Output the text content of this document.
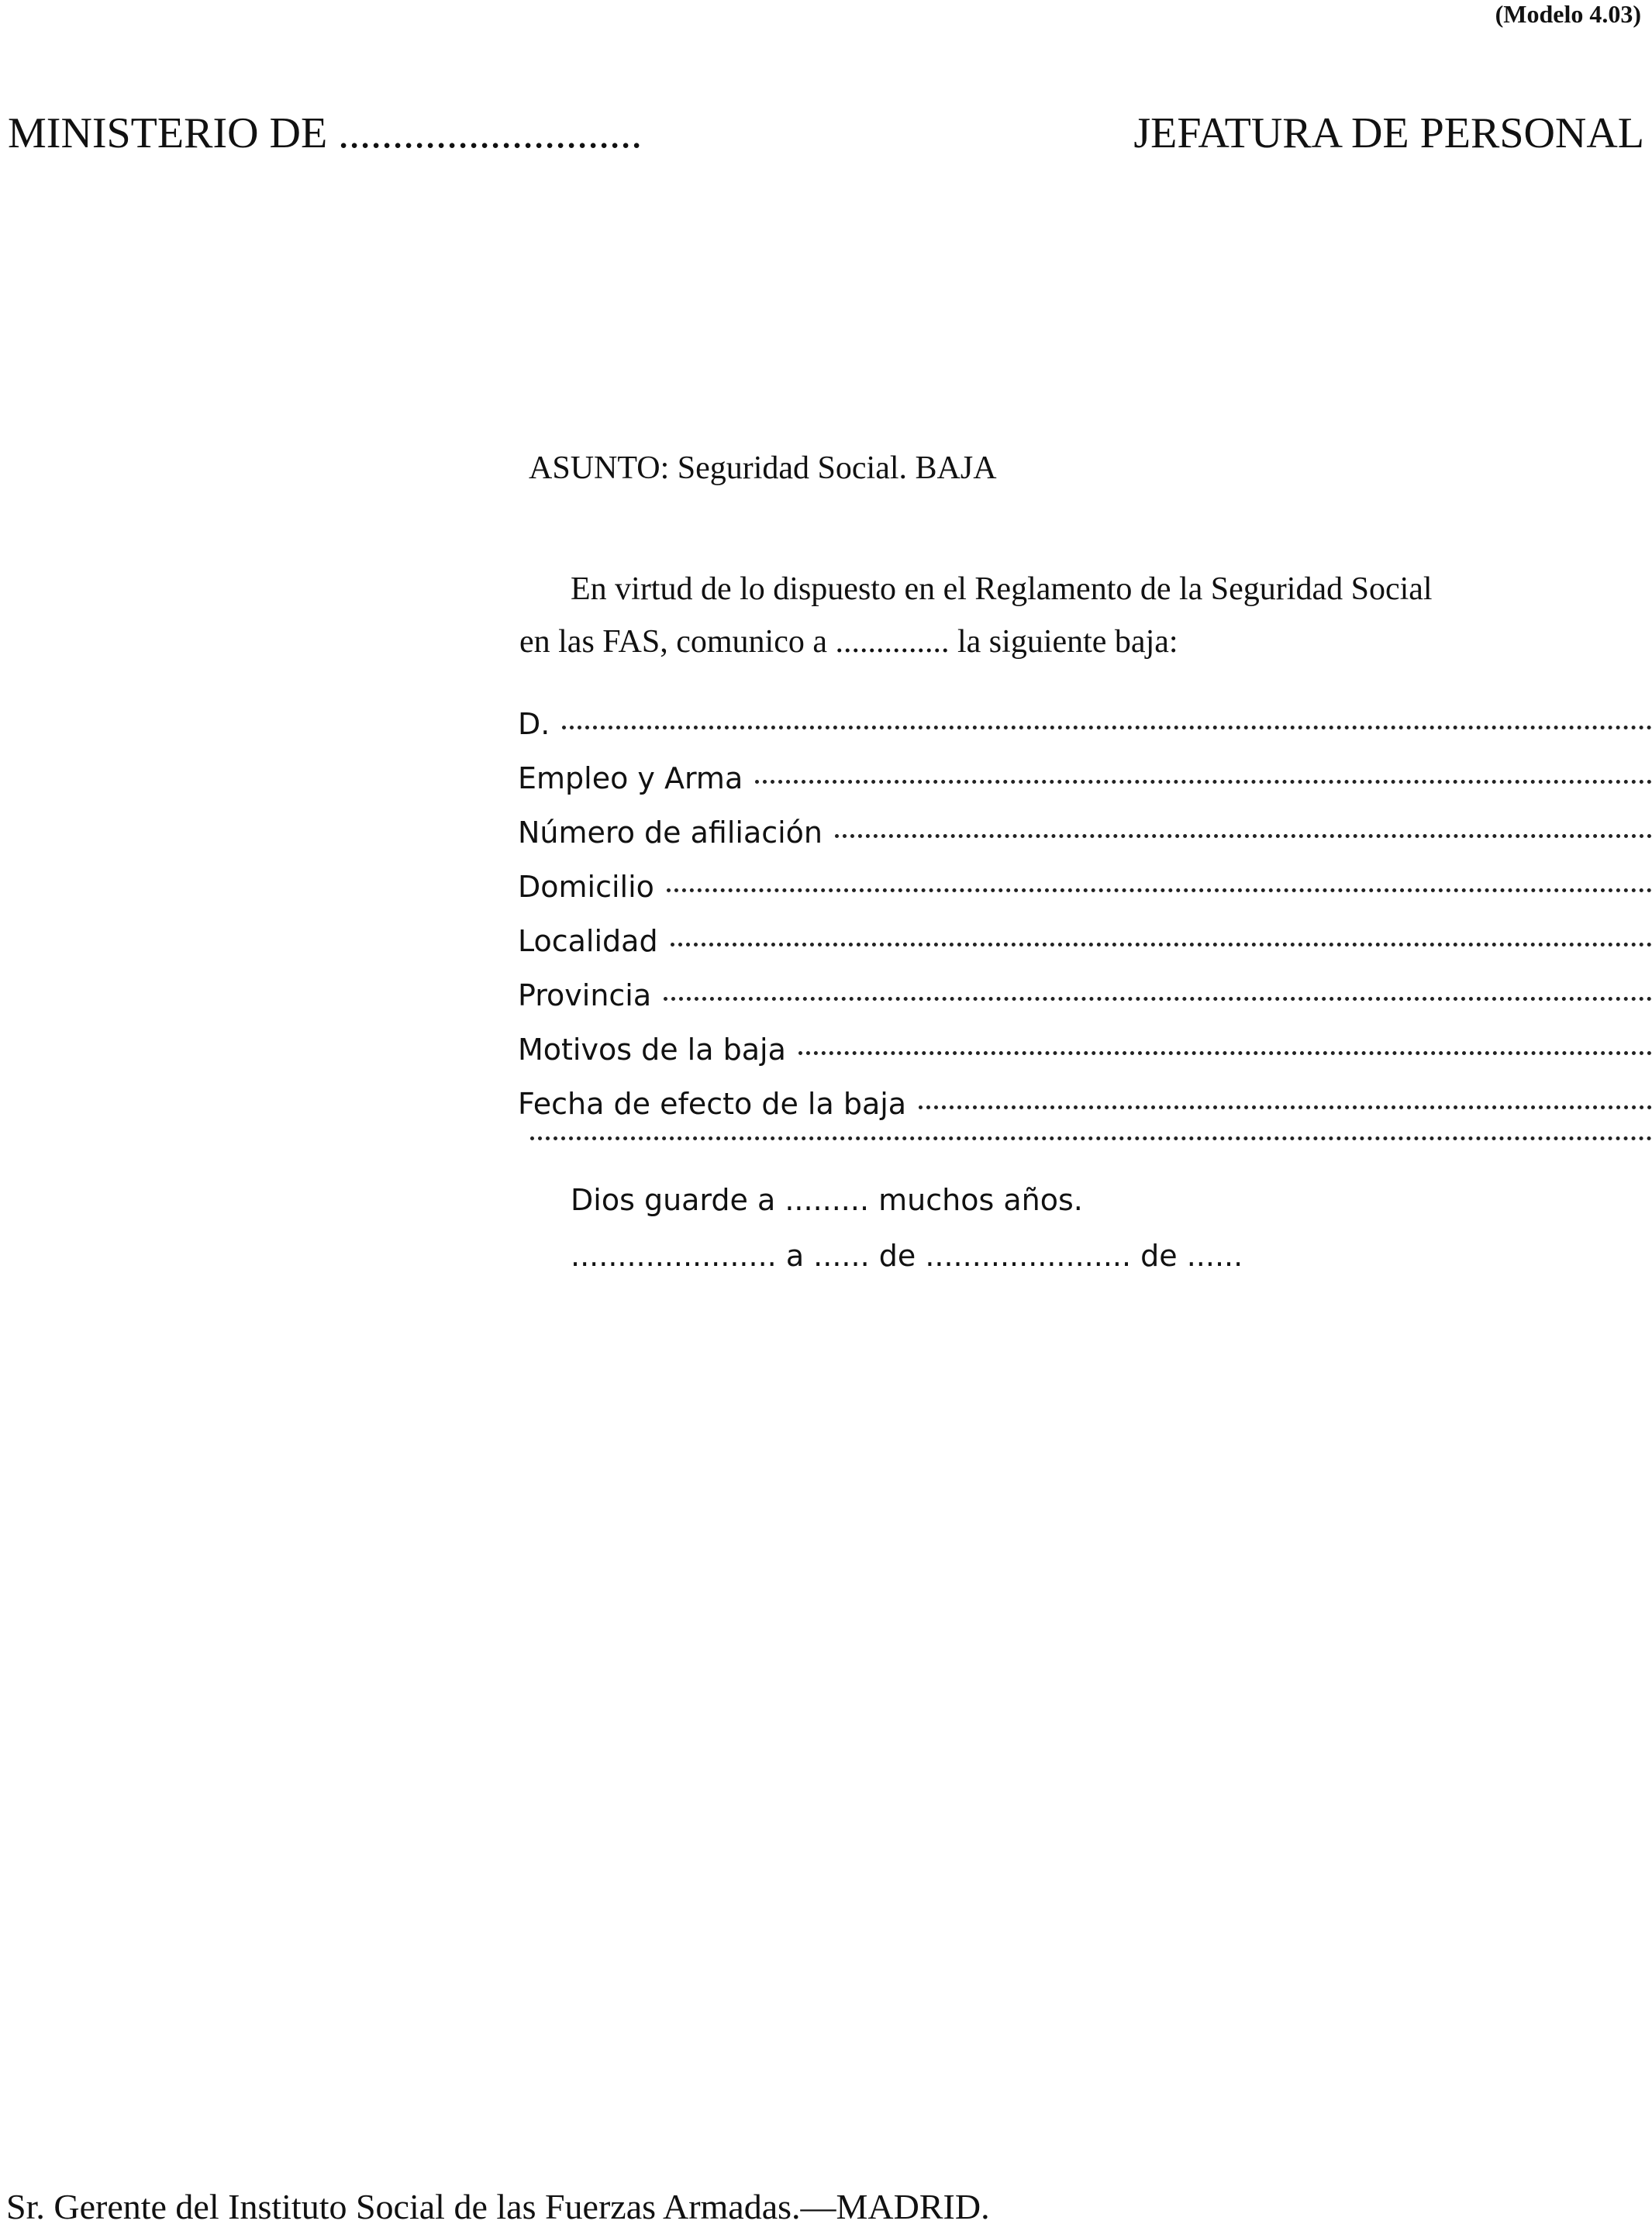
(Modelo 4.03)
MINISTERIO DE ............................	JEFATURA DE PERSONAL
ASUNTO: Seguridad Social. BAJA
En virtud de lo dispuesto en el Reglamento de la Seguridad Social
en las FAS, comunico a .............. la siguiente baja:
D.
Empleo y Arma
Número de afiliación
Domicilio
Localidad
Provincia
Motivos de la baja
Fecha de efecto de la baja
Dios guarde a ......... muchos años.
...................... a ...... de ...................... de ......
Sr. Gerente del Instituto Social de las Fuerzas Armadas.—MADRID.
